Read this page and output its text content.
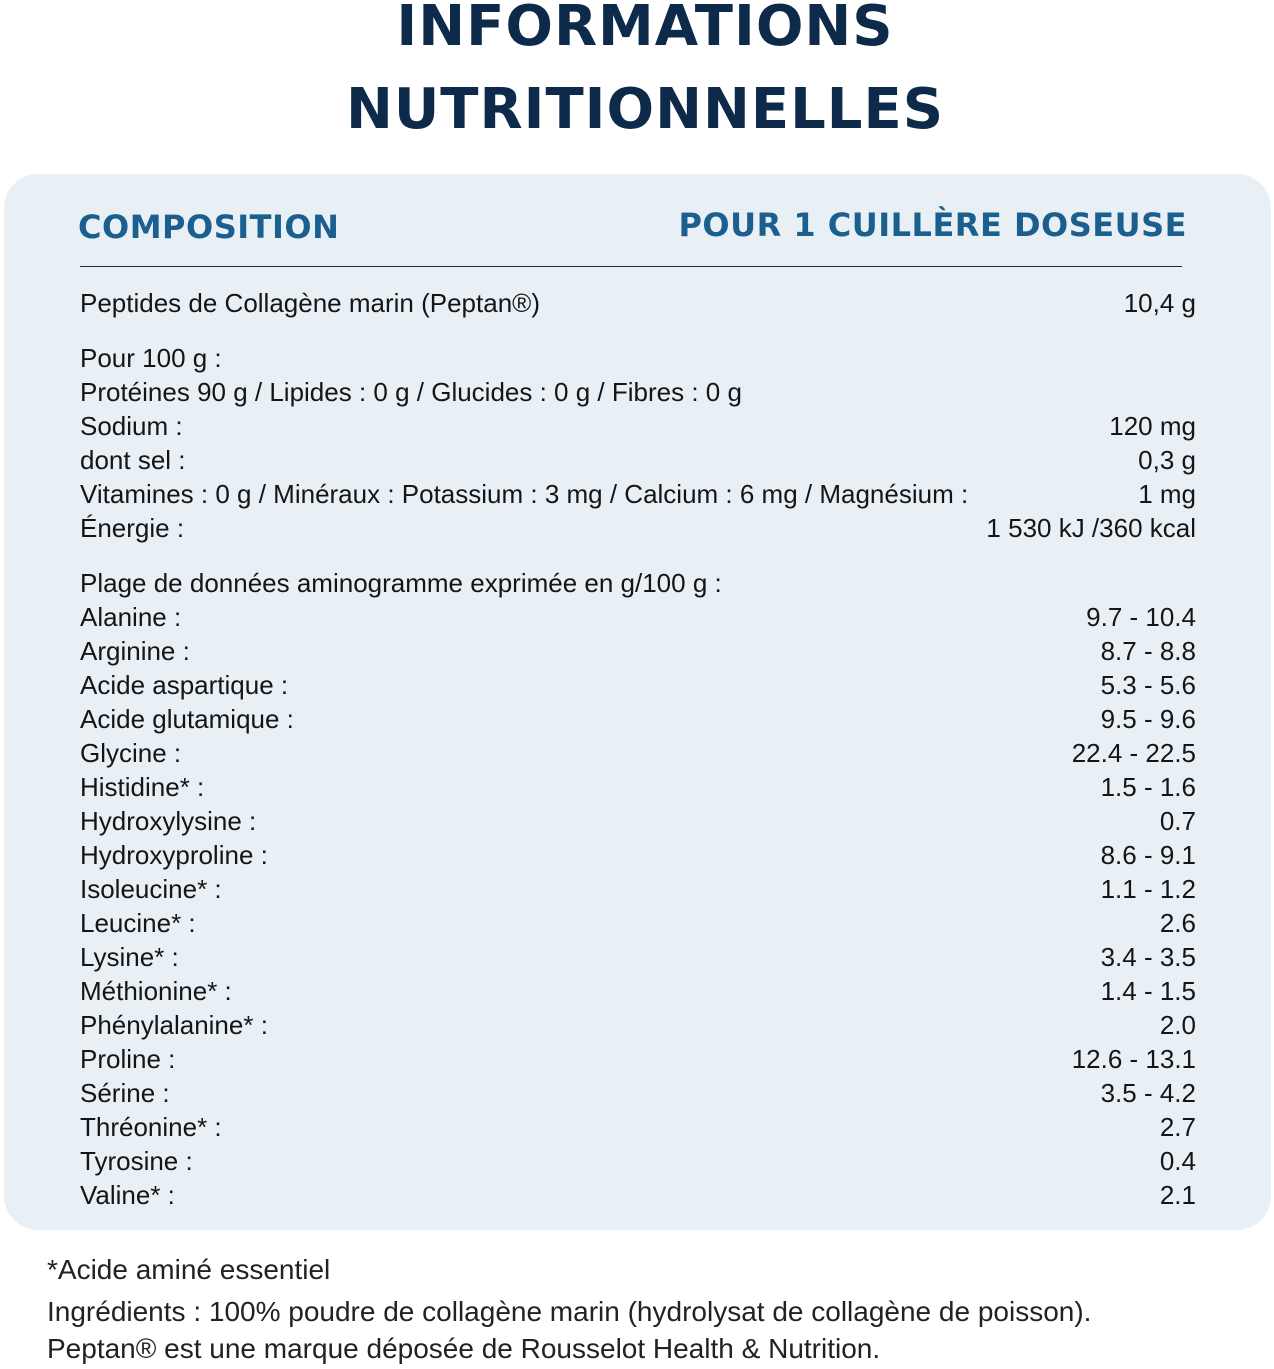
INFORMATIONS
NUTRITIONNELLES
COMPOSITION	POUR 1 CUILLÈRE DOSEUSE
Peptides de Collagène marin (Peptan®)	10,4 g
Pour 100 g :
Protéines 90 g / Lipides : 0 g / Glucides : 0 g / Fibres : 0 g
Sodium :	120 mg
dont sel :	0,3 g
Vitamines : 0 g / Minéraux : Potassium : 3 mg / Calcium : 6 mg / Magnésium :	1 mg
Énergie :	1 530 kJ /360 kcal
Plage de données aminogramme exprimée en g/100 g :
Alanine :	9.7 - 10.4
Arginine :	8.7 - 8.8
Acide aspartique :	5.3 - 5.6
Acide glutamique :	9.5 - 9.6
Glycine :	22.4 - 22.5
Histidine* :	1.5 - 1.6
Hydroxylysine :	0.7
Hydroxyproline :	8.6 - 9.1
Isoleucine* :	1.1 - 1.2
Leucine* :	2.6
Lysine* :	3.4 - 3.5
Méthionine* :	1.4 - 1.5
Phénylalanine* :	2.0
Proline :	12.6 - 13.1
Sérine :	3.5 - 4.2
Thréonine* :	2.7
Tyrosine :	0.4
Valine* :	2.1
*Acide aminé essentiel
Ingrédients : 100% poudre de collagène marin (hydrolysat de collagène de poisson).
Peptan® est une marque déposée de Rousselot Health & Nutrition.
